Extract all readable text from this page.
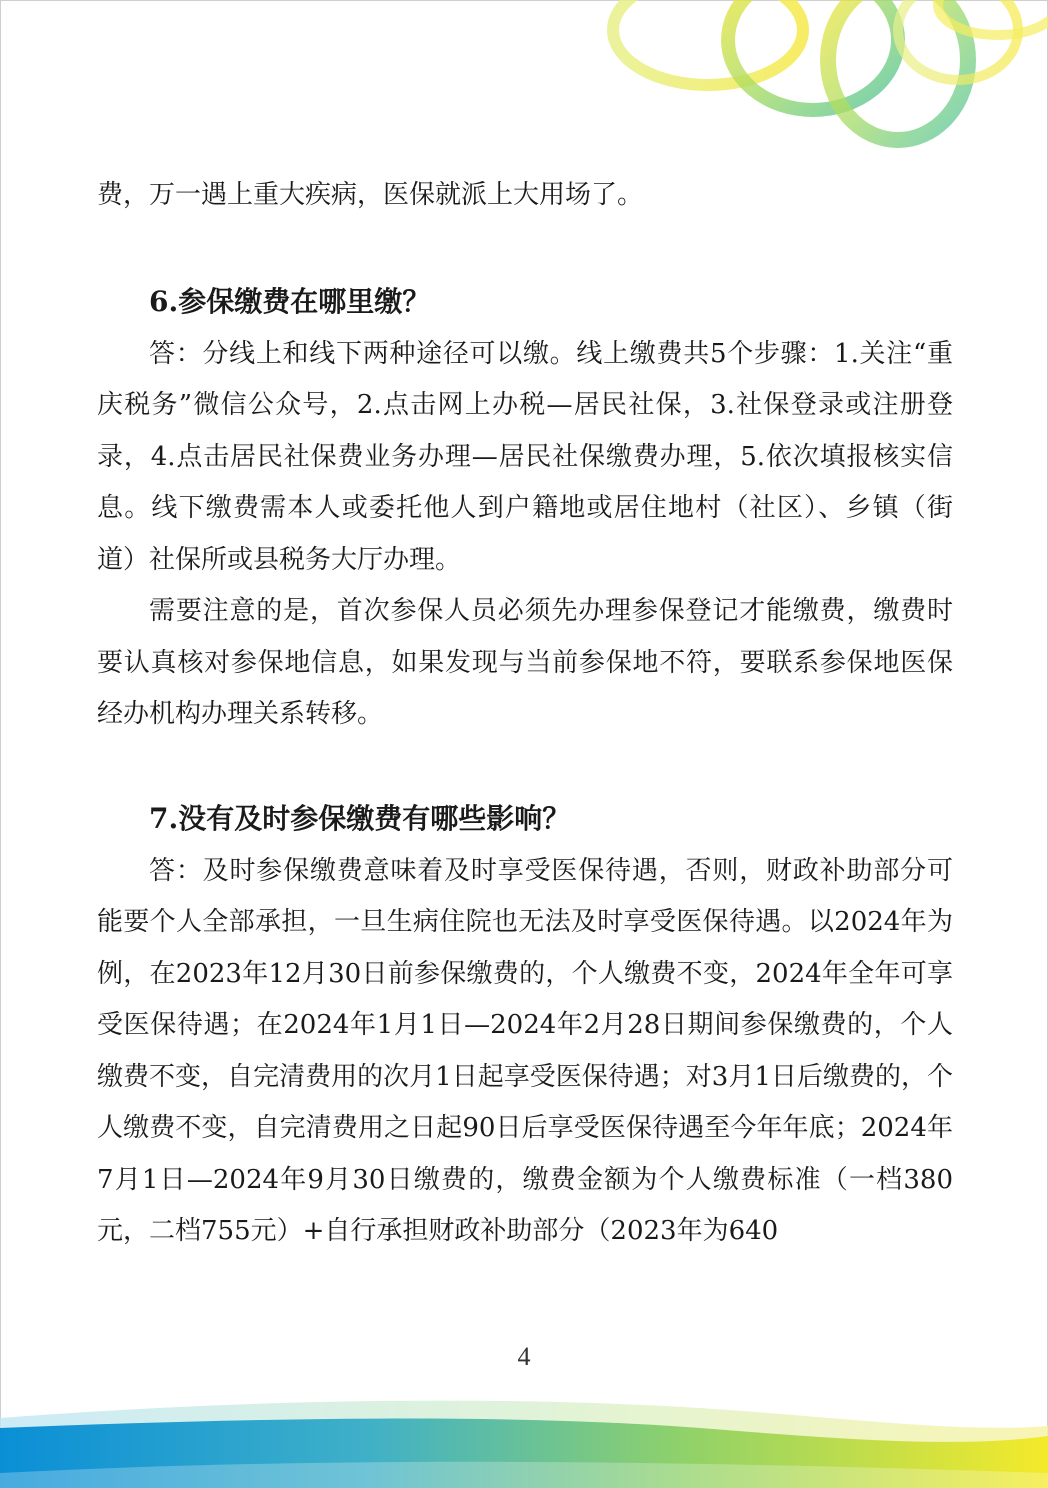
费，万一遇上重大疾病，医保就派上大用场了。

6.参保缴费在哪里缴？

答：分线上和线下两种途径可以缴。线上缴费共5个步骤：1.关注“重庆税务”微信公众号，2.点击网上办税—居民社保，3.社保登录或注册登录，4.点击居民社保费业务办理—居民社保缴费办理，5.依次填报核实信息。线下缴费需本人或委托他人到户籍地或居住地村（社区）、乡镇（街道）社保所或县税务大厅办理。

需要注意的是，首次参保人员必须先办理参保登记才能缴费，缴费时要认真核对参保地信息，如果发现与当前参保地不符，要联系参保地医保经办机构办理关系转移。

7.没有及时参保缴费有哪些影响？

答：及时参保缴费意味着及时享受医保待遇，否则，财政补助部分可能要个人全部承担，一旦生病住院也无法及时享受医保待遇。以2024年为例，在2023年12月30日前参保缴费的，个人缴费不变，2024年全年可享受医保待遇；在2024年1月1日—2024年2月28日期间参保缴费的，个人缴费不变，自完清费用的次月1日起享受医保待遇；对3月1日后缴费的，个人缴费不变，自完清费用之日起90日后享受医保待遇至今年年底；2024年7月1日—2024年9月30日缴费的，缴费金额为个人缴费标准（一档380元，二档755元）+自行承担财政补助部分（2023年为640

4
